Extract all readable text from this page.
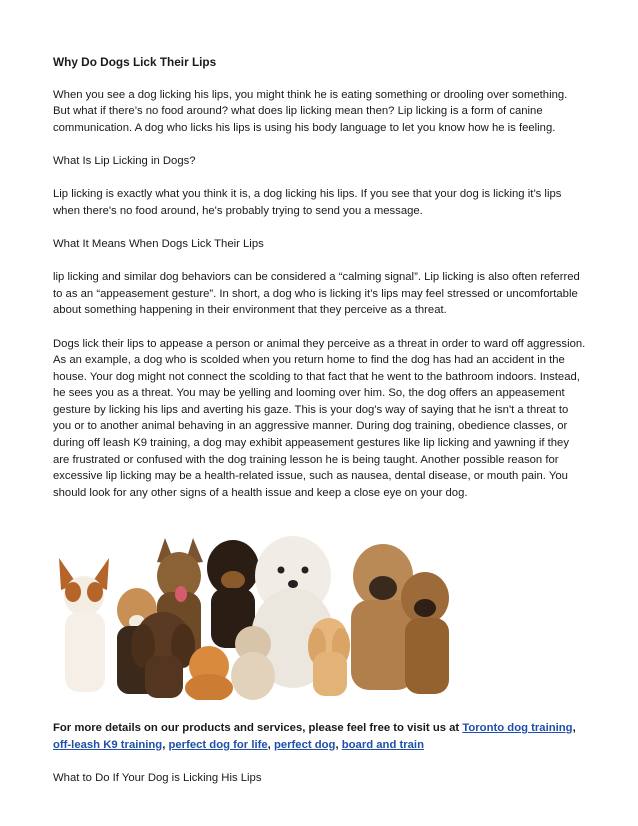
Why Do Dogs Lick Their Lips

When you see a dog licking his lips, you might think he is eating something or drooling over something. But what if there’s no food around? what does lip licking mean then? Lip licking is a form of canine communication. A dog who licks his lips is using his body language to let you know how he is feeling.

What Is Lip Licking in Dogs?

Lip licking is exactly what you think it is, a dog licking his lips. If you see that your dog is licking it’s lips when there's no food around, he's probably trying to send you a message.

What It Means When Dogs Lick Their Lips

lip licking and similar dog behaviors can be considered a “calming signal”. Lip licking is also often referred to as an “appeasement gesture”. In short, a dog who is licking it’s lips may feel stressed or uncomfortable about something happening in their environment that they perceive as a threat.

Dogs lick their lips to appease a person or animal they perceive as a threat in order to ward off aggression. As an example, a dog who is scolded when you return home to find the dog has had an accident in the house. Your dog might not connect the scolding to that fact that he went to the bathroom indoors. Instead, he sees you as a threat. You may be yelling and looming over him. So, the dog offers an appeasement gesture by licking his lips and averting his gaze. This is your dog's way of saying that he isn't a threat to you or to another animal behaving in an aggressive manner. During dog training, obedience classes, or during off leash K9 training, a dog may exhibit appeasement gestures like lip licking and yawning if they are frustrated or confused with the dog training lesson he is being taught. Another possible reason for excessive lip licking may be a health-related issue, such as nausea, dental disease, or mouth pain. You should look for any other signs of a health issue and keep a close eye on your dog.

For more details on our products and services, please feel free to visit us at Toronto dog training, off-leash K9 training, perfect dog for life, perfect dog, board and train

What to Do If Your Dog is Licking His Lips
